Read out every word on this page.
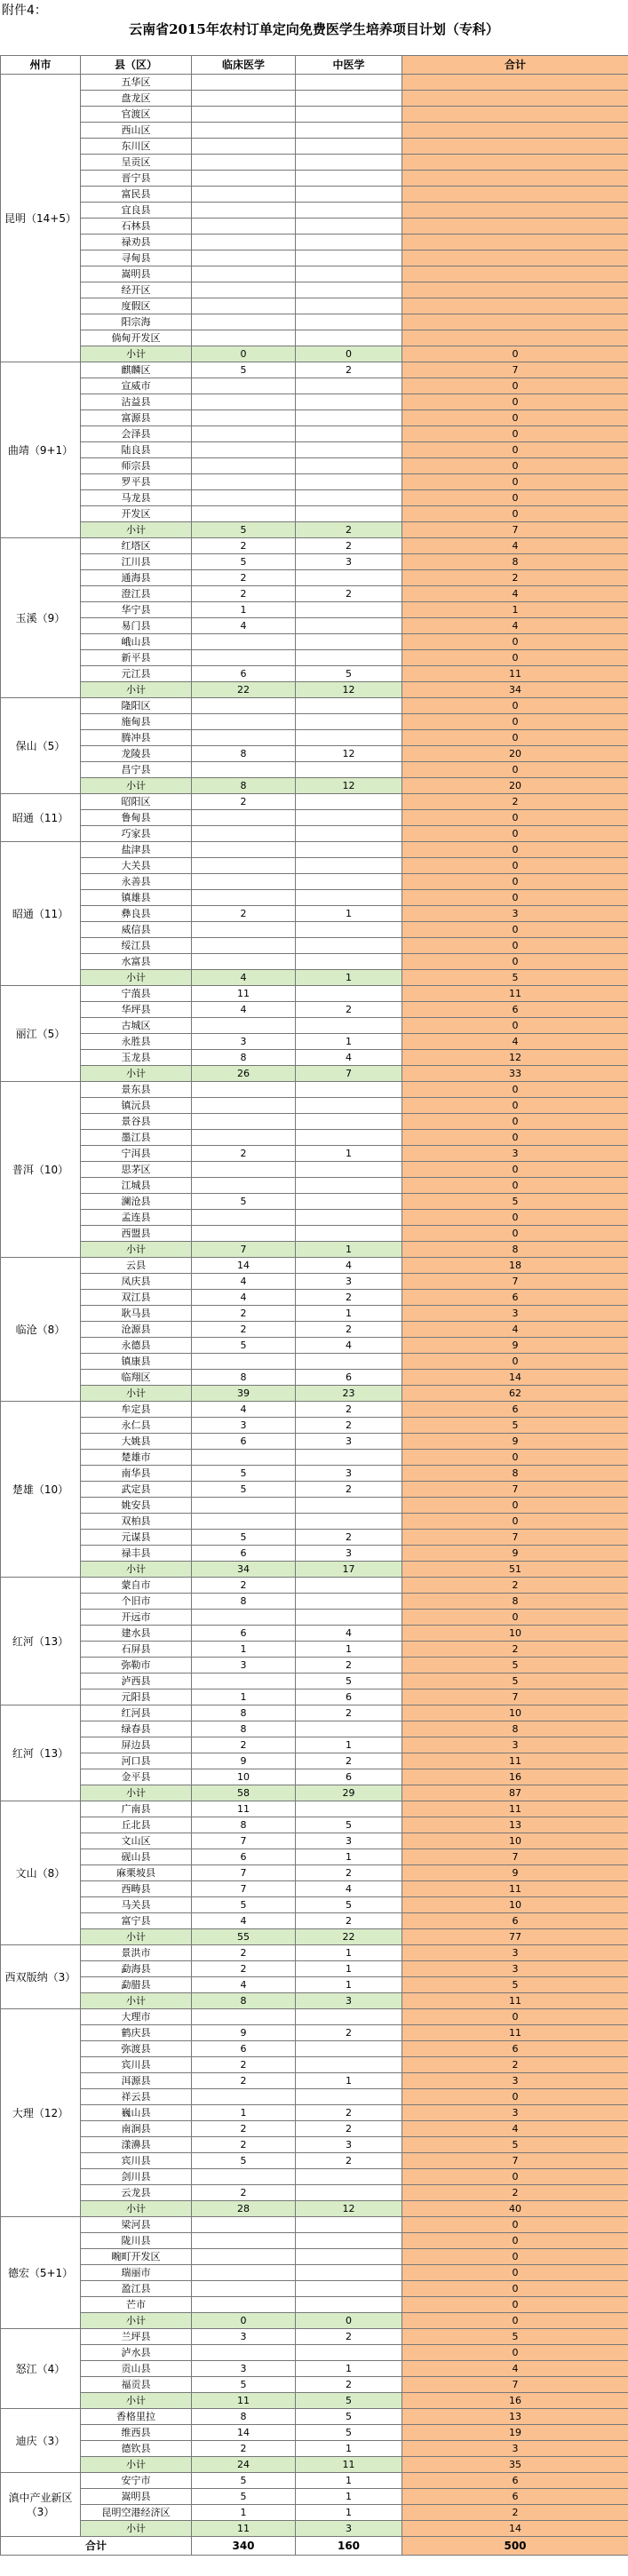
附件4：
云南省2015年农村订单定向免费医学生培养项目计划（专科）
州市	县（区）	临床医学	中医学	合计
昆明（14+5）	五华区			
	盘龙区			
	官渡区			
	西山区			
	东川区			
	呈贡区			
	晋宁县			
	富民县			
	宜良县			
	石林县			
	禄劝县			
	寻甸县			
	嵩明县			
	经开区			
	度假区			
	阳宗海			
	倘甸开发区			
	小计	0	0	0
曲靖（9+1）	麒麟区	5	2	7
	宣威市			0
	沾益县			0
	富源县			0
	会泽县			0
	陆良县			0
	师宗县			0
	罗平县			0
	马龙县			0
	开发区			0
	小计	5	2	7
玉溪（9）	红塔区	2	2	4
	江川县	5	3	8
	通海县	2		2
	澄江县	2	2	4
	华宁县	1		1
	易门县	4		4
	峨山县			0
	新平县			0
	元江县	6	5	11
	小计	22	12	34
保山（5）	隆阳区			0
	施甸县			0
	腾冲县			0
	龙陵县	8	12	20
	昌宁县			0
	小计	8	12	20
昭通（11）	昭阳区	2		2
	鲁甸县			0
	巧家县			0
昭通（11）	盐津县			0
	大关县			0
	永善县			0
	镇雄县			0
	彝良县	2	1	3
	威信县			0
	绥江县			0
	水富县			0
	小计	4	1	5
丽江（5）	宁蒗县	11		11
	华坪县	4	2	6
	古城区			0
	永胜县	3	1	4
	玉龙县	8	4	12
	小计	26	7	33
普洱（10）	景东县			0
	镇沅县			0
	景谷县			0
	墨江县			0
	宁洱县	2	1	3
	思茅区			0
	江城县			0
	澜沧县	5		5
	孟连县			0
	西盟县			0
	小计	7	1	8
临沧（8）	云县	14	4	18
	凤庆县	4	3	7
	双江县	4	2	6
	耿马县	2	1	3
	沧源县	2	2	4
	永德县	5	4	9
	镇康县			0
	临翔区	8	6	14
	小计	39	23	62
楚雄（10）	牟定县	4	2	6
	永仁县	3	2	5
	大姚县	6	3	9
	楚雄市			0
	南华县	5	3	8
	武定县	5	2	7
	姚安县			0
	双柏县			0
	元谋县	5	2	7
	禄丰县	6	3	9
	小计	34	17	51
红河（13）	蒙自市	2		2
	个旧市	8		8
	开远市			0
	建水县	6	4	10
	石屏县	1	1	2
	弥勒市	3	2	5
	泸西县		5	5
	元阳县	1	6	7
红河（13）	红河县	8	2	10
	绿春县	8		8
	屏边县	2	1	3
	河口县	9	2	11
	金平县	10	6	16
	小计	58	29	87
文山（8）	广南县	11		11
	丘北县	8	5	13
	文山区	7	3	10
	砚山县	6	1	7
	麻栗坡县	7	2	9
	西畴县	7	4	11
	马关县	5	5	10
	富宁县	4	2	6
	小计	55	22	77
西双版纳（3）	景洪市	2	1	3
	勐海县	2	1	3
	勐腊县	4	1	5
	小计	8	3	11
大理（12）	大理市			0
	鹤庆县	9	2	11
	弥渡县	6		6
	宾川县	2		2
	洱源县	2	1	3
	祥云县			0
	巍山县	1	2	3
	南涧县	2	2	4
	漾濞县	2	3	5
	宾川县	5	2	7
	剑川县			0
	云龙县	2		2
	小计	28	12	40
德宏（5+1）	梁河县			0
	陇川县			0
	畹町开发区			0
	瑞丽市			0
	盈江县			0
	芒市			0
	小计	0	0	0
怒江（4）	兰坪县	3	2	5
	泸水县			0
	贡山县	3	1	4
	福贡县	5	2	7
	小计	11	5	16
迪庆（3）	香格里拉	8	5	13
	维西县	14	5	19
	德钦县	2	1	3
	小计	24	11	35
滇中产业新区（3）	安宁市	5	1	6
	嵩明县	5	1	6
	昆明空港经济区	1	1	2
	小计	11	3	14
合计		340	160	500
